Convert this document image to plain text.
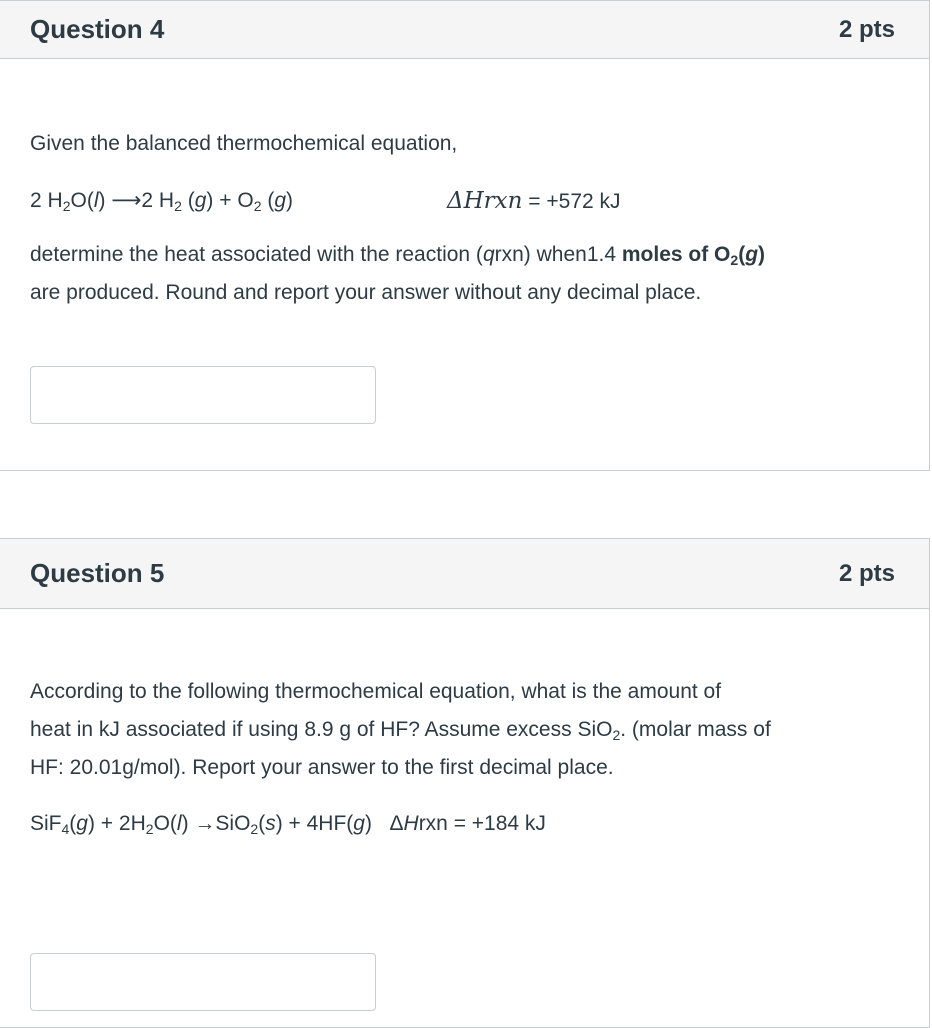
Question 4	2 pts
Given the balanced thermochemical equation,
2 $H_2O(l)$ ⟶2 $H_2$ $(g) + O_2$ (g)	ΔHrxn = +572 kJ
determine the heat associated with the reaction (qrxn) when1.4 moles of $O_2(g)$
are produced. Round and report your answer without any decimal place.
Question 5	2 pts
According to the following thermochemical equation, what is the amount of
heat in kJ associated if using 8.9 g of HF? Assume excess SiO$_2$. (molar mass of
HF: 20.01g/mol). Report your answer to the first decimal place.
$SiF_4(g) + 2H_2O(l) \to SiO_2(s) + 4HF(g)$   ΔHrxn = +184 kJ
